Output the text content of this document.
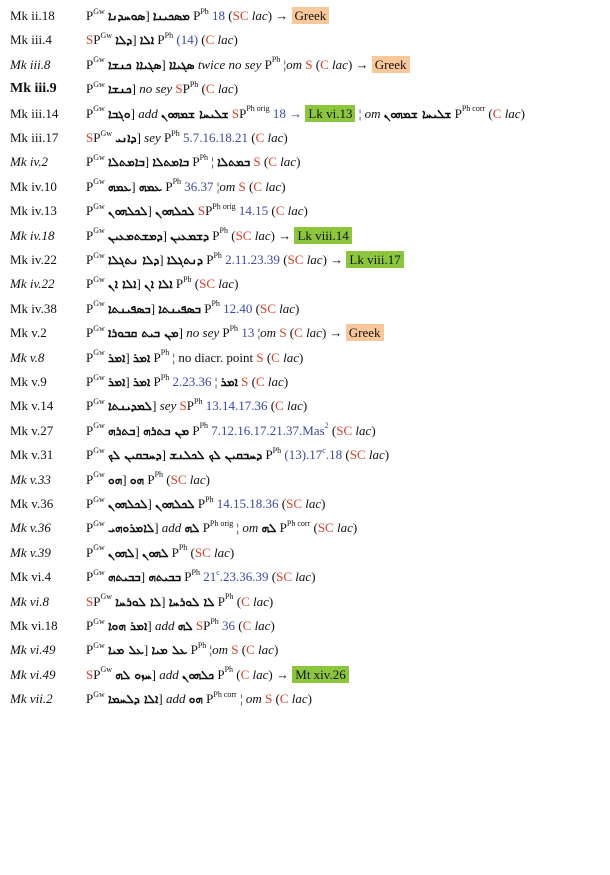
Mk ii.18 $P^{Gw}$ ܣܘܚܕܢܐ] ܡܣܟܝܢܐ $P^{Ph}$ 18 (SC lac) → Greek
Mk iii.4	$SP^{Gw}$ ܕܠܐ] ܐܠܐ $P^{Ph}$ (14) (C lac)
Mk iii.8	$P^{Gw}$ ܣܓܝܐܐ ܟܢܫܐ] ܣܓܝܐܐ twice no sey $P^{Ph}$ ¦om S (C lac) → Greek
Mk iii.9 $P^{Gw}$ ܟܢܫܐ] no sey $SP^{Ph}$ (C lac)
Mk iii.14 $P^{Gw}$ ܘܓܒܐ] add ܫܠܝܚܐ ܫܡܗܘܢ $SP^{Ph orig}$ 18 → Lk vi.13 ¦ om ܫܠܝܚܐ ܫܡܗܘܢ $P^{Ph corr}$ (C lac)
Mk iii.17 $SP^{Gw}$ ܕܐܢܝ] sey $P^{Ph}$ 5.7.16.18.21 (C lac)
Mk iv.2	$P^{Gw}$ ܒܐܡܬܠܐ] ܒܐܡܬܠܐ $P^{Ph}$ ¦ ܒܡܬܠܐ S (C lac)
Mk iv.10 $P^{Gw}$ ܥܡܗ] ܥܡܗ $P^{Ph}$ 36.37 ¦om S (C lac)
Mk iv.13 $P^{Gw}$ ܠܟܠܗܘܢ] ܠܟܠܗܘܢ $SP^{Ph orig}$ 14.15 (C lac)
Mk iv.18 $P^{Gw}$ ܕܡܫܬܡܥܝܢ] ܕܫܡܥܝܢ $P^{Ph}$ (SC lac) → Lk viii.14
Mk iv.22 $P^{Gw}$ ܕܠܐ ܢܬܓܠܐ] ܕܢܬܓܠܐ $P^{Ph}$ 2.11.23.39 (SC lac) → Lk viii.17
Mk iv.22 $P^{Gw}$ ܐܠܐ ܐܢ] ܐܠܐ ܐܢ $P^{Ph}$ (SC lac)
Mk iv.38 $P^{Gw}$ ܒܣܦܝܢܬܐ] ܒܣܦܝܢܬܐ $P^{Ph}$ 12.40 (SC lac)
Mk v.2	$P^{Gw}$ ܡܢ ܒܝܬ ܩܒܘܪܐ] no sey $P^{Ph}$ 13 ¦om S (C lac) → Greek
Mk v.8	$P^{Gw}$ ܐܡܪ] ܐܡܪ $P^{Ph}$ ¦ no diacr. point S (C lac)
Mk v.9	$P^{Gw}$ ܐܡܪ] ܐܡܪ $P^{Ph}$ 2.23.36 ¦ ܐܡܪ S (C lac)
Mk v.14	$P^{Gw}$ ܠܡܕܝܢܬܐ] sey $SP^{Ph}$ 13.14.17.36 (C lac)
Mk v.27	$P^{Gw}$ ܒܬܪܗ] ܡܢ ܒܬܪܗ $P^{Ph}$ 7.12.16.17.21.37.Mas$^2$ (SC lac)
Mk v.31	$P^{Gw}$ ܕܚܒܩܝܢ ܠܟ] ܕܚܒܩܝܢ ܠܟ ܠܟܠܢܫ $P^{Ph}$ (13).17$^c$.18 (SC lac)
Mk v.33	$P^{Gw}$ ܗܘ] ܗܘ $P^{Ph}$ (SC lac)
Mk v.36	$P^{Gw}$ ܠܟܠܗܘܢ] ܠܟܠܗܘܢ $P^{Ph}$ 14.15.18.36 (SC lac)
Mk v.36	$P^{Gw}$ ܠܐܡܪܘܗܝ] add ܠܗ $P^{Ph orig}$ ¦ om ܠܗ $P^{Ph corr}$ (SC lac)
Mk v.39	$P^{Gw}$ ܠܗܘܢ] ܠܗܘܢ $P^{Ph}$ (SC lac)
Mk vi.4	$P^{Gw}$ ܒܒܝܬܗ] ܒܒܝܬܗ $P^{Ph}$ 21$^c$.23.36.39 (SC lac)
Mk vi.8	$SP^{Gw}$ ܠܐ ܠܘܪܚܐ] ܠܐ ܠܘܪܚܐ $P^{Ph}$ (C lac)
Mk vi.18 $P^{Gw}$ ܐܡܪ ܗܘܐ] add ܠܗ $SP^{Ph}$ 36 (C lac)
Mk vi.49 $P^{Gw}$ ܥܠ ܡܝܐ] ܥܠ ܡܝܐ $P^{Ph}$ ¦om S (C lac)
Mk vi.49 $SP^{Gw}$ ܚܙܘ ܠܗ] add ܟܠܗܘܢ $P^{Ph}$ (C lac) → Mt xiv.26
Mk vii.2	$P^{Gw}$ ܐܠܐ ܕܠܚܡܐ] add ܗܘ $P^{Ph corr}$ ¦ om S (C lac)
